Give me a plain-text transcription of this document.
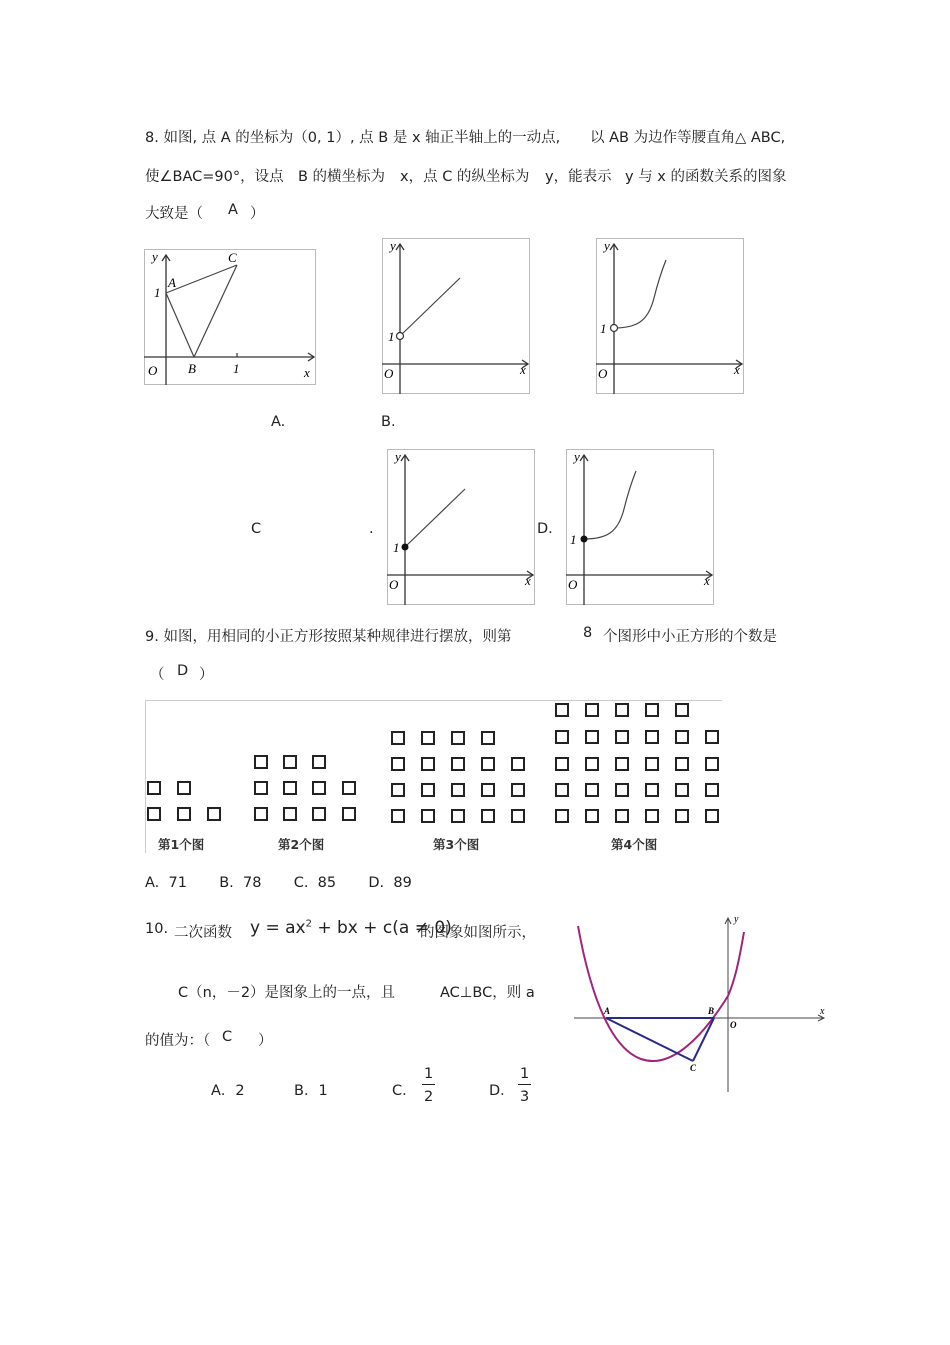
8. 如图, 点 A 的坐标为（0, 1）, 点 B 是 x 轴正半轴上的一动点, 以 AB 为边作等腰直角△ ABC,
使∠BAC=90°，设点 B 的横坐标为 x，点 C 的纵坐标为 y，能表示 y 与 x 的函数关系的图象
大致是（ A ）
y
x
O
A
B
C
1
1
y
x
O
1
y
x
O
1
A.	B.
y
x
O
1
y
x
O
1
C	.	D.
9. 如图，用相同的小正方形按照某种规律进行摆放，则第	8 个图形中小正方形的个数是
（ D ）
第1个图	第2个图	第3个图	第4个图
A.  71       B.  78       C.  85       D.  89
10. 二次函数 $y = ax^2$ + bx + c(a ≠ 0)
的图象如图所示，
C（n，－2）是图象上的一点，且	AC⊥BC，则 a
的值为：（ C ）
A．2	B．1	C． $\frac{1}{2}$	D． $\frac{1}{3}$
y
x
A	B
O
C
